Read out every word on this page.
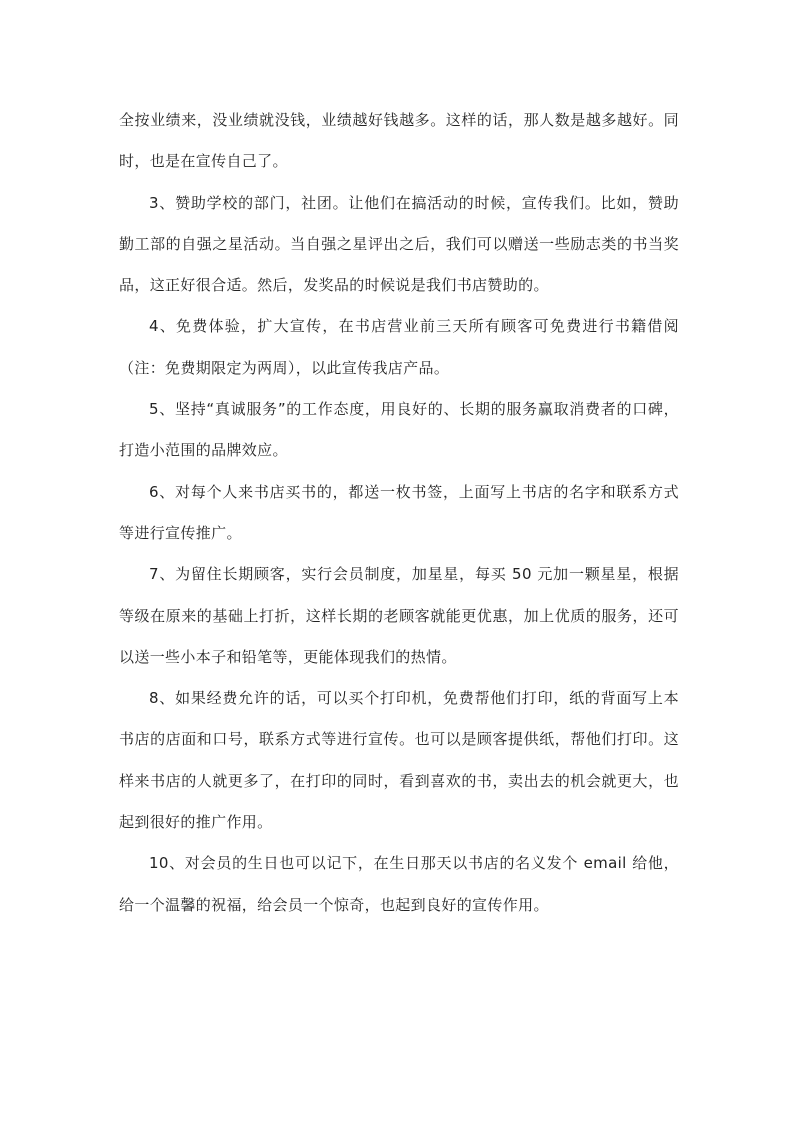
全按业绩来，没业绩就没钱，业绩越好钱越多。这样的话，那人数是越多越好。同时，也是在宣传自己了。

3、赞助学校的部门，社团。让他们在搞活动的时候，宣传我们。比如，赞助勤工部的自强之星活动。当自强之星评出之后，我们可以赠送一些励志类的书当奖品，这正好很合适。然后，发奖品的时候说是我们书店赞助的。

4、免费体验，扩大宣传，在书店营业前三天所有顾客可免费进行书籍借阅（注：免费期限定为两周），以此宣传我店产品。

5、坚持“真诚服务”的工作态度，用良好的、长期的服务赢取消费者的口碑，打造小范围的品牌效应。

6、对每个人来书店买书的，都送一枚书签，上面写上书店的名字和联系方式等进行宣传推广。

7、为留住长期顾客，实行会员制度，加星星，每买 50 元加一颗星星，根据等级在原来的基础上打折，这样长期的老顾客就能更优惠，加上优质的服务，还可以送一些小本子和铅笔等，更能体现我们的热情。

8、如果经费允许的话，可以买个打印机，免费帮他们打印，纸的背面写上本书店的店面和口号，联系方式等进行宣传。也可以是顾客提供纸，帮他们打印。这样来书店的人就更多了，在打印的同时，看到喜欢的书，卖出去的机会就更大，也起到很好的推广作用。

10、对会员的生日也可以记下，在生日那天以书店的名义发个 email 给他，给一个温馨的祝福，给会员一个惊奇，也起到良好的宣传作用。
